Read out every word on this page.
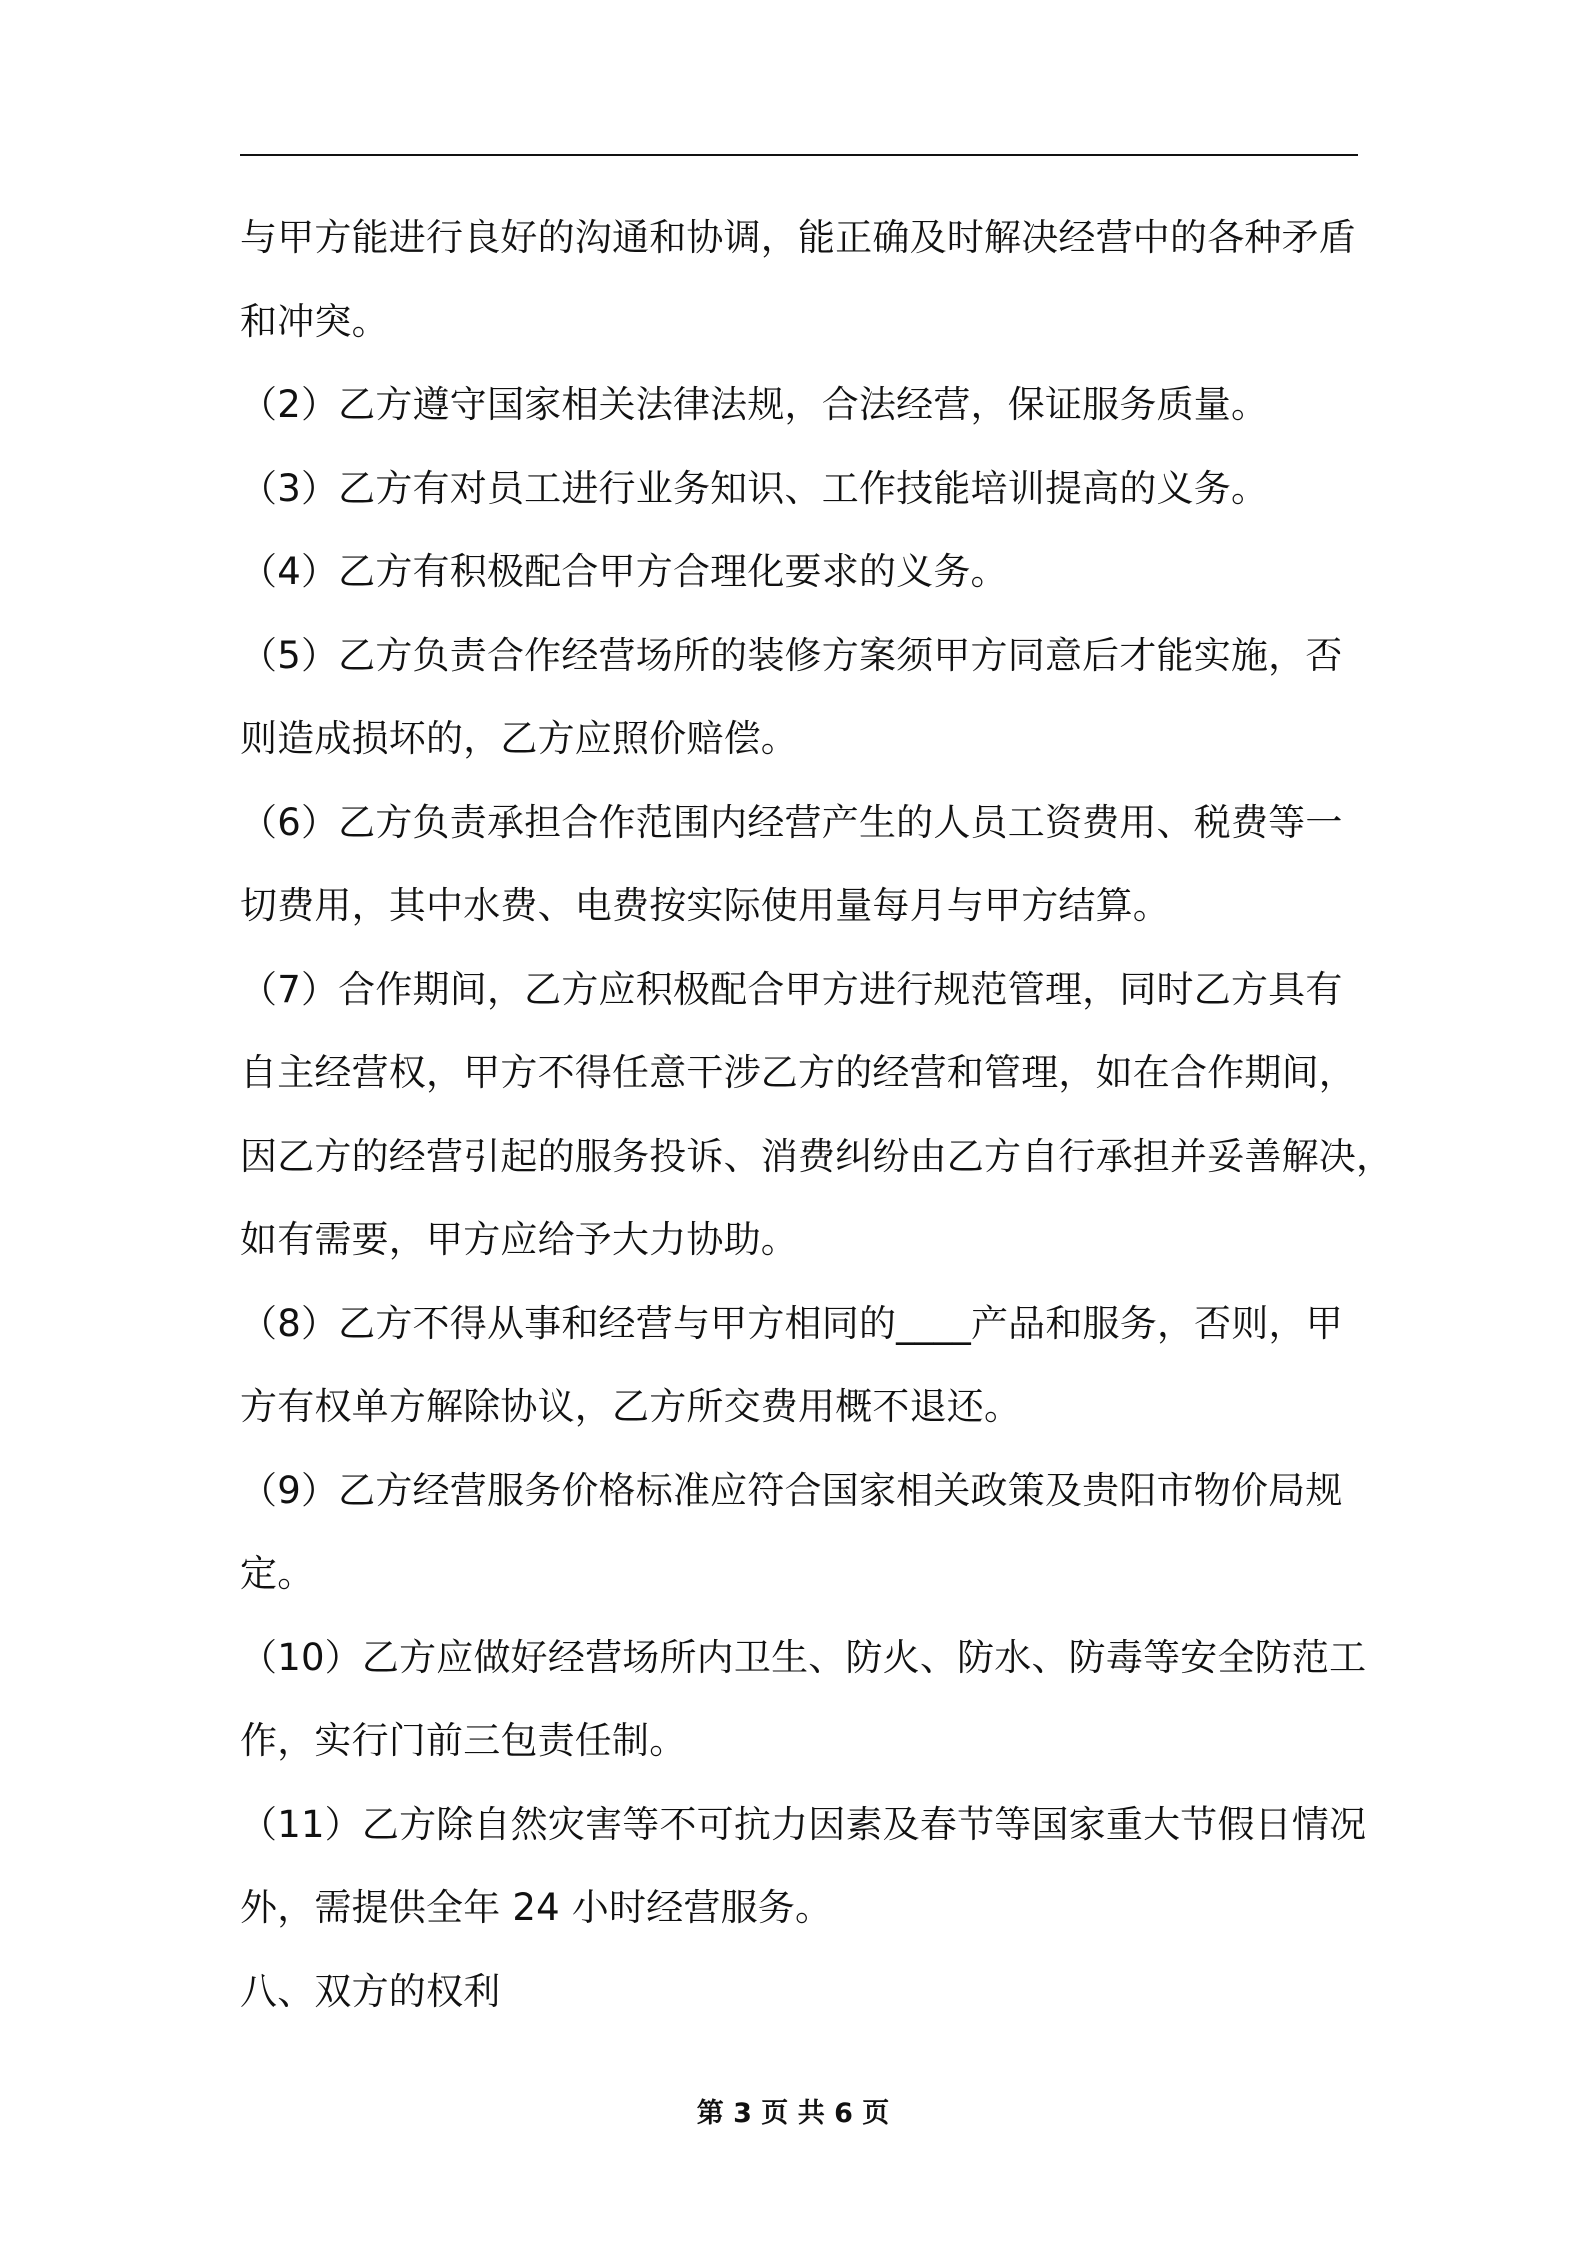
与甲方能进行良好的沟通和协调，能正确及时解决经营中的各种矛盾
和冲突。
（2）乙方遵守国家相关法律法规，合法经营，保证服务质量。
（3）乙方有对员工进行业务知识、工作技能培训提高的义务。
（4）乙方有积极配合甲方合理化要求的义务。
（5）乙方负责合作经营场所的装修方案须甲方同意后才能实施，否
则造成损坏的，乙方应照价赔偿。
（6）乙方负责承担合作范围内经营产生的人员工资费用、税费等一
切费用，其中水费、电费按实际使用量每月与甲方结算。
（7）合作期间，乙方应积极配合甲方进行规范管理，同时乙方具有
自主经营权，甲方不得任意干涉乙方的经营和管理，如在合作期间，
因乙方的经营引起的服务投诉、消费纠纷由乙方自行承担并妥善解决，
如有需要，甲方应给予大力协助。
（8）乙方不得从事和经营与甲方相同的____产品和服务，否则，甲
方有权单方解除协议，乙方所交费用概不退还。
（9）乙方经营服务价格标准应符合国家相关政策及贵阳市物价局规
定。
（10）乙方应做好经营场所内卫生、防火、防水、防毒等安全防范工
作，实行门前三包责任制。
（11）乙方除自然灾害等不可抗力因素及春节等国家重大节假日情况
外，需提供全年 24 小时经营服务。
八、双方的权利
第 3 页 共 6 页
